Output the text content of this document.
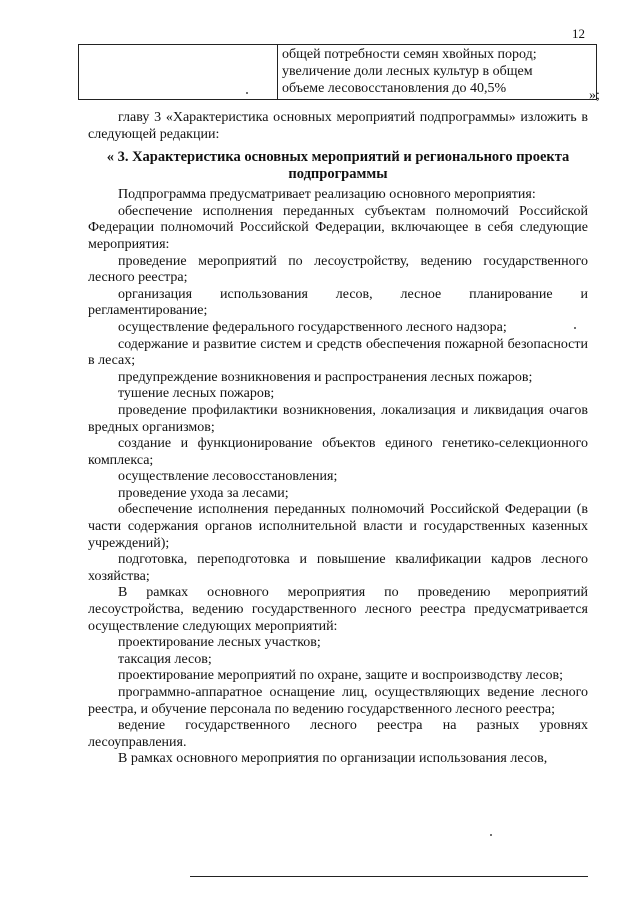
12

общей потребности семян хвойных пород;
увеличение доли лесных культур в общем
объеме лесовосстановления до 40,5%	»;

главу 3 «Характеристика основных мероприятий подпрограммы» изложить в следующей редакции:

« 3. Характеристика основных мероприятий и регионального проекта подпрограммы

Подпрограмма предусматривает реализацию основного мероприятия:

обеспечение исполнения переданных субъектам полномочий Российской Федерации полномочий Российской Федерации, включающее в себя следующие мероприятия:

проведение мероприятий по лесоустройству, ведению государственного лесного реестра;

организация использования лесов, лесное планирование и регламентирование;

осуществление федерального государственного лесного надзора;

содержание и развитие систем и средств обеспечения пожарной безопасности в лесах;

предупреждение возникновения и распространения лесных пожаров;

тушение лесных пожаров;

проведение профилактики возникновения, локализация и ликвидация очагов вредных организмов;

создание и функционирование объектов единого генетико-селекционного комплекса;

осуществление лесовосстановления;

проведение ухода за лесами;

обеспечение исполнения переданных полномочий Российской Федерации (в части содержания органов исполнительной власти и государственных казенных учреждений);

подготовка, переподготовка и повышение квалификации кадров лесного хозяйства;

В рамках основного мероприятия по проведению мероприятий лесоустройства, ведению государственного лесного реестра предусматривается осуществление следующих мероприятий:

проектирование лесных участков;

таксация лесов;

проектирование мероприятий по охране, защите и воспроизводству лесов;

программно-аппаратное оснащение лиц, осуществляющих ведение лесного реестра, и обучение персонала по ведению государственного лесного реестра;

ведение государственного лесного реестра на разных уровнях лесоуправления.

В рамках основного мероприятия по организации использования лесов,
